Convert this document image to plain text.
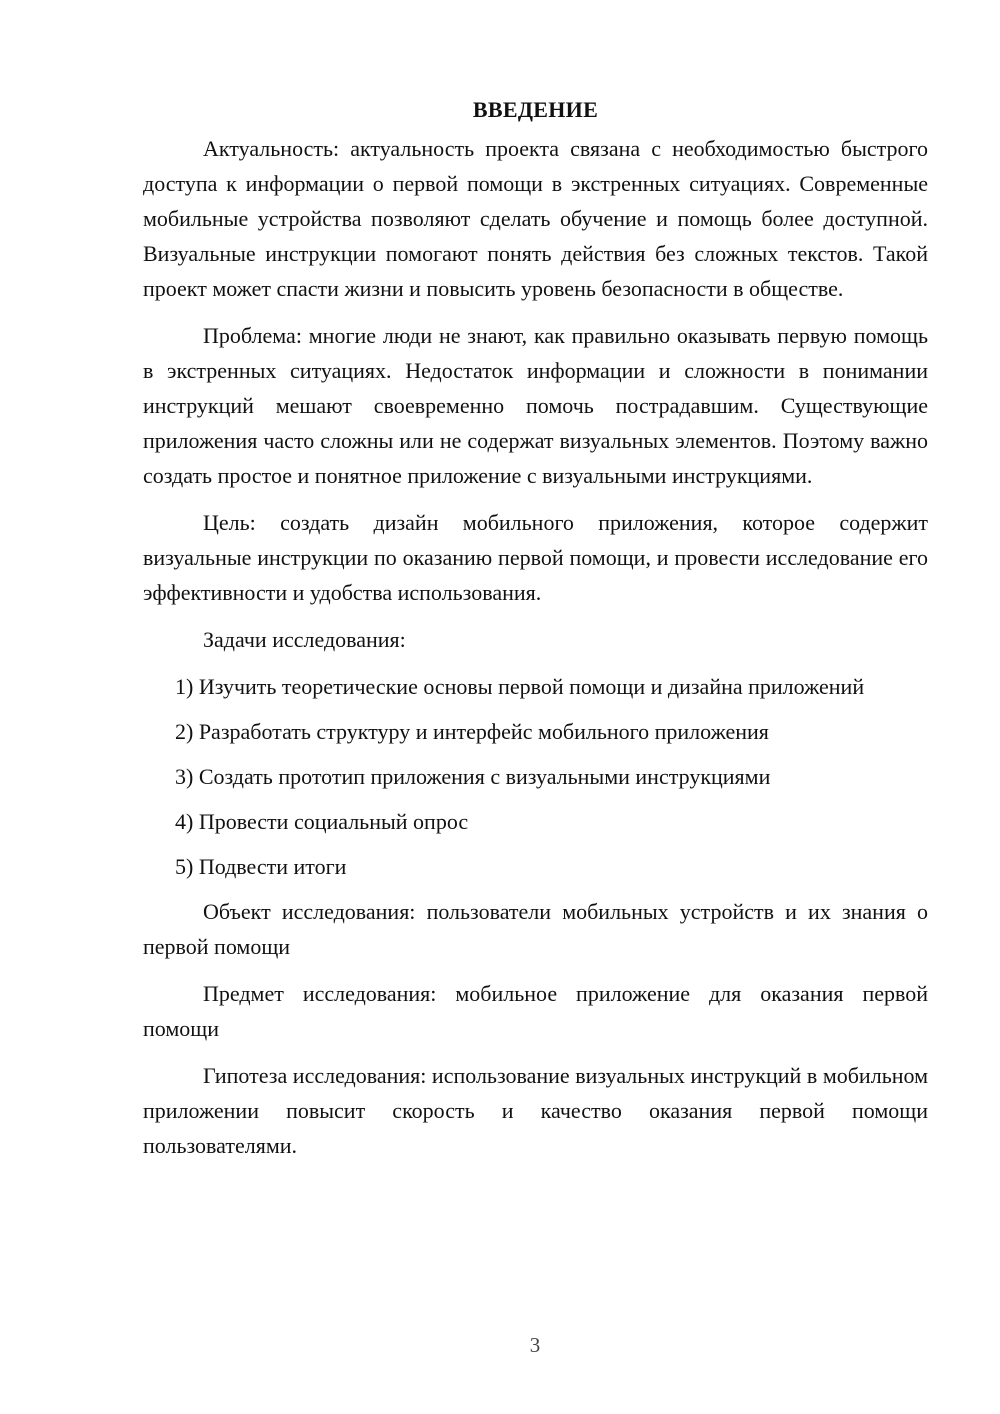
ВВЕДЕНИЕ

Актуальность: актуальность проекта связана с необходимостью быстрого доступа к информации о первой помощи в экстренных ситуациях. Современные мобильные устройства позволяют сделать обучение и помощь более доступной. Визуальные инструкции помогают понять действия без сложных текстов. Такой проект может спасти жизни и повысить уровень безопасности в обществе.

Проблема: многие люди не знают, как правильно оказывать первую помощь в экстренных ситуациях. Недостаток информации и сложности в понимании инструкций мешают своевременно помочь пострадавшим. Существующие приложения часто сложны или не содержат визуальных элементов. Поэтому важно создать простое и понятное приложение с визуальными инструкциями.

Цель: создать дизайн мобильного приложения, которое содержит визуальные инструкции по оказанию первой помощи, и провести исследование его эффективности и удобства использования.

Задачи исследования:

1) Изучить теоретические основы первой помощи и дизайна приложений

2) Разработать структуру и интерфейс мобильного приложения

3) Создать прототип приложения с визуальными инструкциями

4) Провести социальный опрос

5) Подвести итоги

Объект исследования: пользователи мобильных устройств и их знания о первой помощи

Предмет исследования: мобильное приложение для оказания первой помощи

Гипотеза исследования: использование визуальных инструкций в мобильном приложении повысит скорость и качество оказания первой помощи пользователями.

3
